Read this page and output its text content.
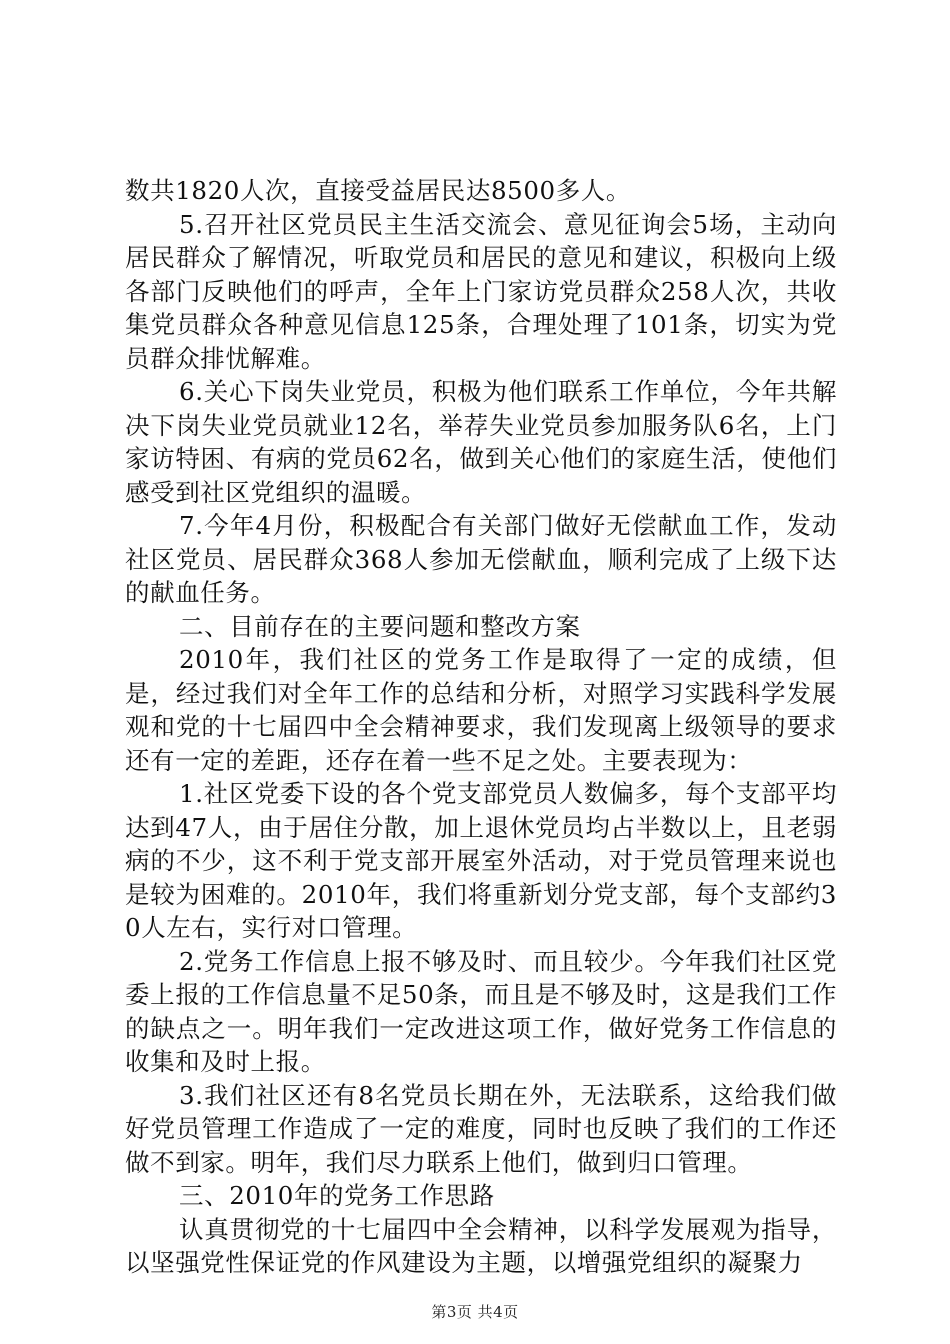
数共1820人次，直接受益居民达8500多人。

5.召开社区党员民主生活交流会、意见征询会5场，主动向居民群众了解情况，听取党员和居民的意见和建议，积极向上级各部门反映他们的呼声，全年上门家访党员群众258人次，共收集党员群众各种意见信息125条，合理处理了101条，切实为党员群众排忧解难。

6.关心下岗失业党员，积极为他们联系工作单位，今年共解决下岗失业党员就业12名，举荐失业党员参加服务队6名，上门家访特困、有病的党员62名，做到关心他们的家庭生活，使他们感受到社区党组织的温暖。

7.今年4月份，积极配合有关部门做好无偿献血工作，发动社区党员、居民群众368人参加无偿献血，顺利完成了上级下达的献血任务。

二、目前存在的主要问题和整改方案

2010年，我们社区的党务工作是取得了一定的成绩，但是，经过我们对全年工作的总结和分析，对照学习实践科学发展观和党的十七届四中全会精神要求，我们发现离上级领导的要求还有一定的差距，还存在着一些不足之处。主要表现为：

1.社区党委下设的各个党支部党员人数偏多，每个支部平均达到47人，由于居住分散，加上退休党员均占半数以上，且老弱病的不少，这不利于党支部开展室外活动，对于党员管理来说也是较为困难的。2010年，我们将重新划分党支部，每个支部约30人左右，实行对口管理。

2.党务工作信息上报不够及时、而且较少。今年我们社区党委上报的工作信息量不足50条，而且是不够及时，这是我们工作的缺点之一。明年我们一定改进这项工作，做好党务工作信息的收集和及时上报。

3.我们社区还有8名党员长期在外，无法联系，这给我们做好党员管理工作造成了一定的难度，同时也反映了我们的工作还做不到家。明年，我们尽力联系上他们，做到归口管理。

三、2010年的党务工作思路

认真贯彻党的十七届四中全会精神，以科学发展观为指导，以坚强党性保证党的作风建设为主题，以增强党组织的凝聚力

第3页 共4页
